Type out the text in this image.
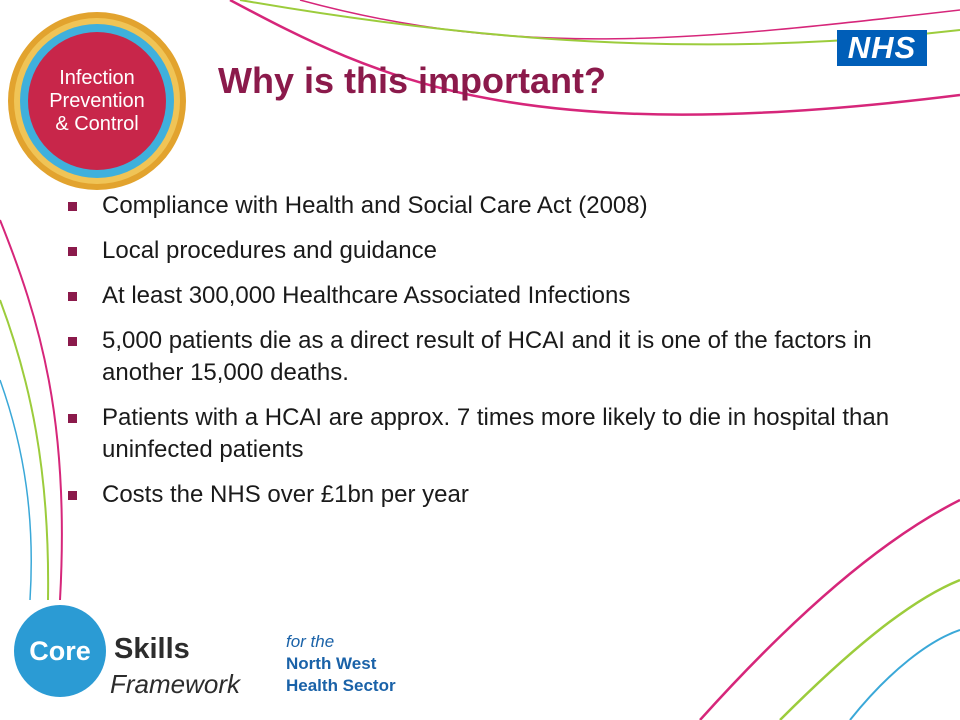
Infection
Prevention
& Control
NHS
Why is this important?
Compliance with Health and Social Care Act (2008)
Local procedures and guidance
At least 300,000 Healthcare Associated Infections
5,000 patients die as a direct result of HCAI and it is one of the factors in another 15,000 deaths.
Patients with a HCAI are approx. 7 times more likely to die in hospital than uninfected patients
Costs the NHS over £1bn per year
Core Skills
Framework
for the
North West
Health Sector
